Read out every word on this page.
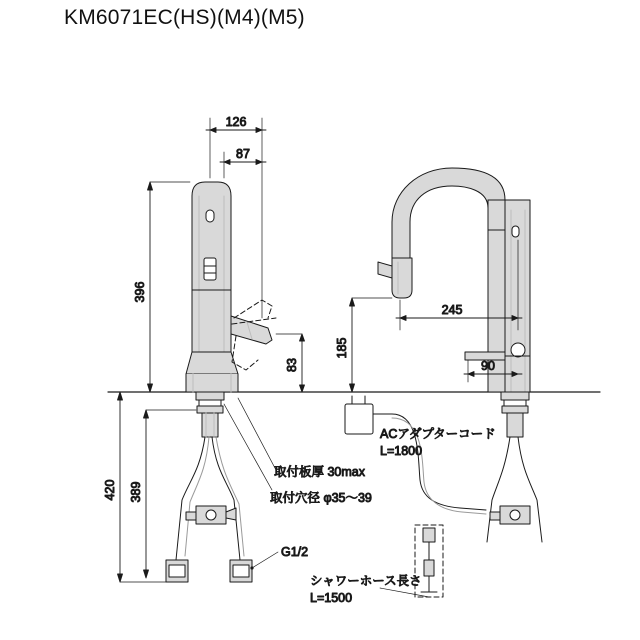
KM6071EC(HS)(M4)(M5)
126
87
396
83
420 389
245
185
90
取付板厚 30max
取付穴径 φ35〜39
G1/2
ACアダプターコード
L=1800
シャワーホース長さ
L=1500
